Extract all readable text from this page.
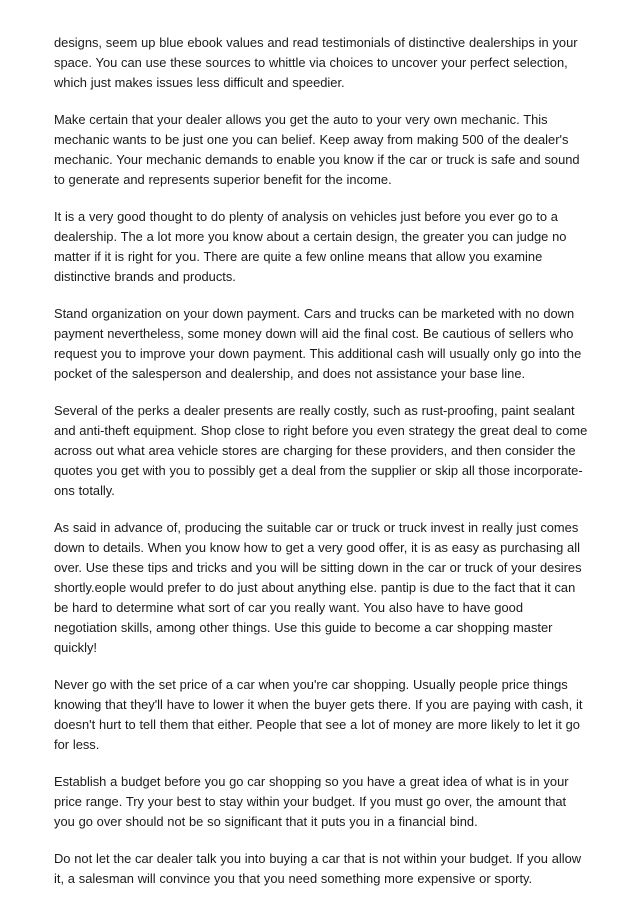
designs, seem up blue ebook values and read testimonials of distinctive dealerships in your space. You can use these sources to whittle via choices to uncover your perfect selection, which just makes issues less difficult and speedier.

Make certain that your dealer allows you get the auto to your very own mechanic. This mechanic wants to be just one you can belief. Keep away from making 500 of the dealer's mechanic. Your mechanic demands to enable you know if the car or truck is safe and sound to generate and represents superior benefit for the income.

It is a very good thought to do plenty of analysis on vehicles just before you ever go to a dealership. The a lot more you know about a certain design, the greater you can judge no matter if it is right for you. There are quite a few online means that allow you examine distinctive brands and products.

Stand organization on your down payment. Cars and trucks can be marketed with no down payment nevertheless, some money down will aid the final cost. Be cautious of sellers who request you to improve your down payment. This additional cash will usually only go into the pocket of the salesperson and dealership, and does not assistance your base line.

Several of the perks a dealer presents are really costly, such as rust-proofing, paint sealant and anti-theft equipment. Shop close to right before you even strategy the great deal to come across out what area vehicle stores are charging for these providers, and then consider the quotes you get with you to possibly get a deal from the supplier or skip all those incorporate-ons totally.

As said in advance of, producing the suitable car or truck or truck invest in really just comes down to details. When you know how to get a very good offer, it is as easy as purchasing all over. Use these tips and tricks and you will be sitting down in the car or truck of your desires shortly.eople would prefer to do just about anything else. pantip is due to the fact that it can be hard to determine what sort of car you really want. You also have to have good negotiation skills, among other things. Use this guide to become a car shopping master quickly!

Never go with the set price of a car when you're car shopping. Usually people price things knowing that they'll have to lower it when the buyer gets there. If you are paying with cash, it doesn't hurt to tell them that either. People that see a lot of money are more likely to let it go for less.

Establish a budget before you go car shopping so you have a great idea of what is in your price range. Try your best to stay within your budget. If you must go over, the amount that you go over should not be so significant that it puts you in a financial bind.

Do not let the car dealer talk you into buying a car that is not within your budget. If you allow it, a salesman will convince you that you need something more expensive or sporty.
